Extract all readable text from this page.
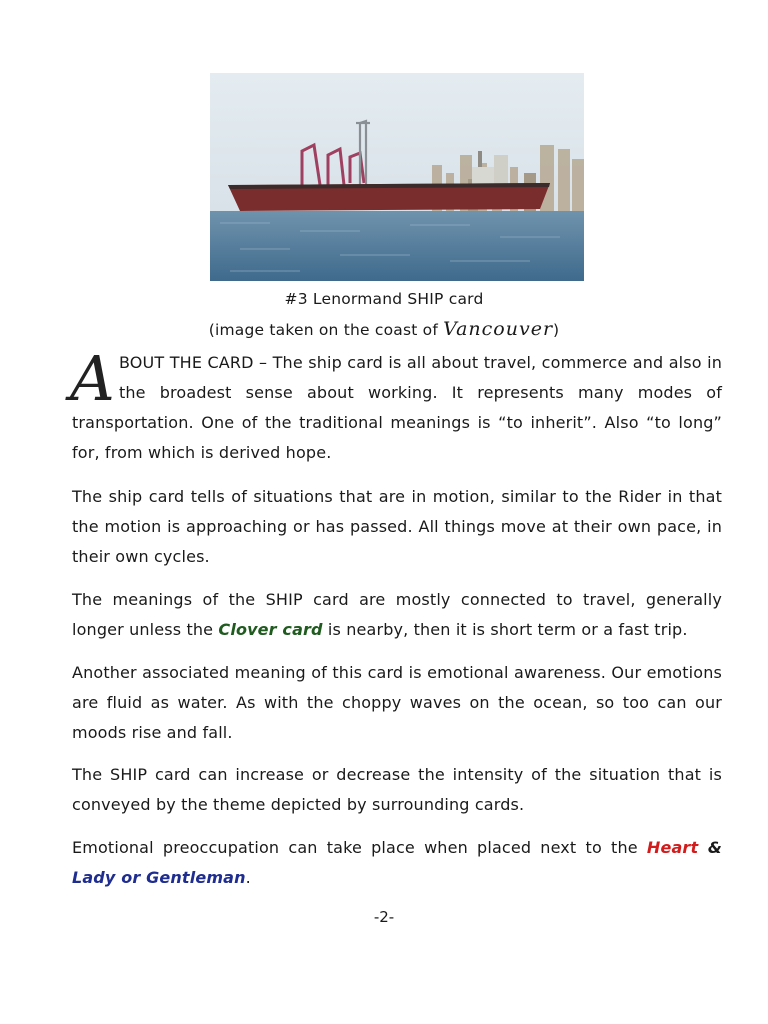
#3 Lenormand SHIP card
(image taken on the coast of Vancouver)
A BOUT THE CARD – The ship card is all about travel, commerce and also in the broadest sense about working. It represents many modes of transportation. One of the traditional meanings is “to inherit”. Also “to long” for, from which is derived hope.
The ship card tells of situations that are in motion, similar to the Rider in that the motion is approaching or has passed. All things move at their own pace, in their own cycles.
The meanings of the SHIP card are mostly connected to travel, generally longer unless the Clover card is nearby, then it is short term or a fast trip.
Another associated meaning of this card is emotional awareness. Our emotions are fluid as water. As with the choppy waves on the ocean, so too can our moods rise and fall.
The SHIP card can increase or decrease the intensity of the situation that is conveyed by the theme depicted by surrounding cards.
Emotional preoccupation can take place when placed next to the Heart & Lady or Gentleman.
-2-
